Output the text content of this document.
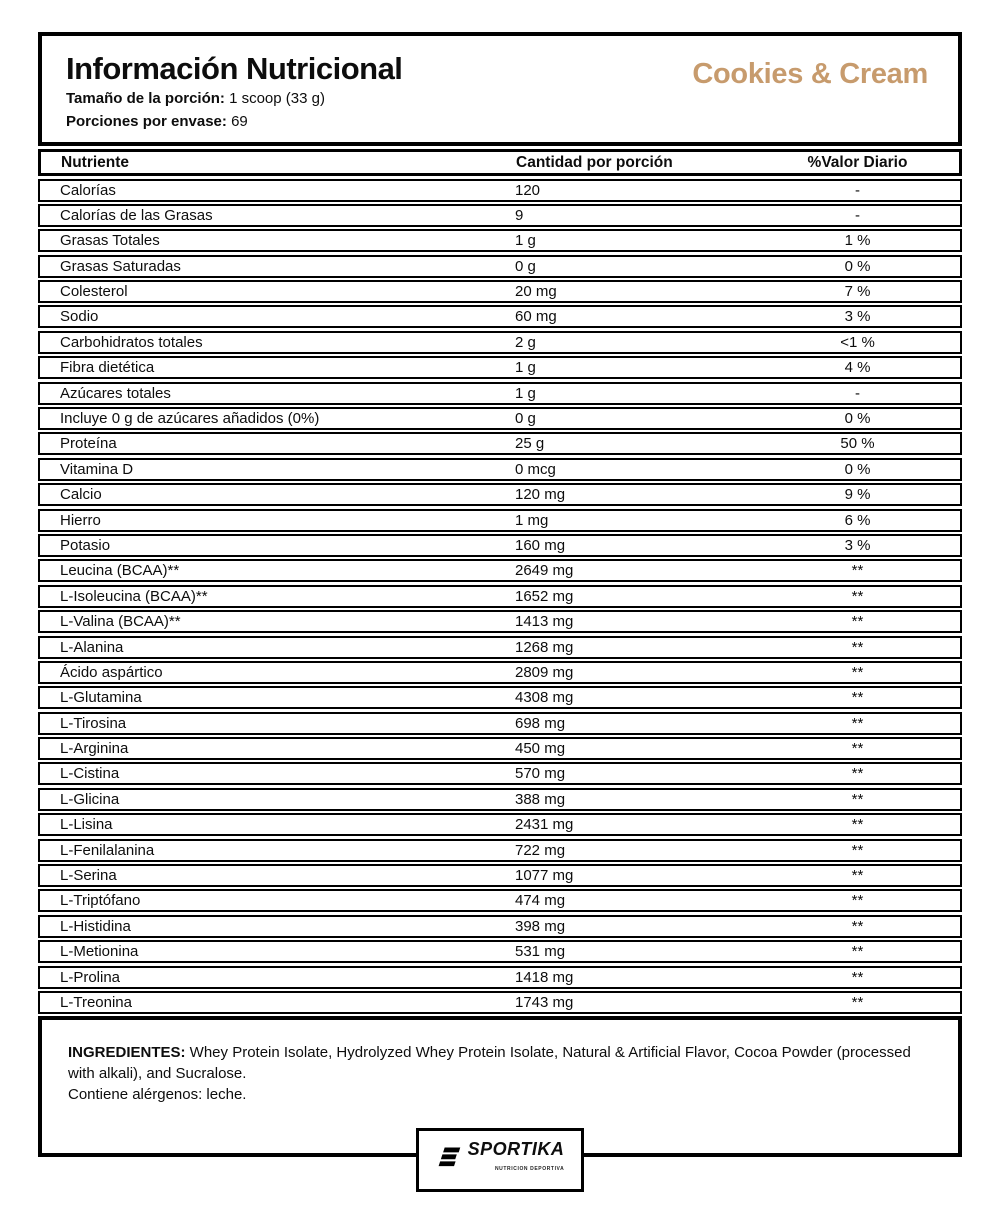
Información Nutricional	Cookies & Cream
Tamaño de la porción: 1 scoop (33 g)
Porciones por envase: 69
Nutriente	Cantidad por porción	%Valor Diario
Calorías	120	-
Calorías de las Grasas	9	-
Grasas Totales	1 g	1 %
Grasas Saturadas	0 g	0 %
Colesterol	20 mg	7 %
Sodio	60 mg	3 %
Carbohidratos totales	2 g	<1 %
Fibra dietética	1 g	4 %
Azúcares totales	1 g	-
Incluye 0 g de azúcares añadidos (0%)	0 g	0 %
Proteína	25 g	50 %
Vitamina D	0 mcg	0 %
Calcio	120 mg	9 %
Hierro	1 mg	6 %
Potasio	160 mg	3 %
Leucina (BCAA)**	2649 mg	**
L-Isoleucina (BCAA)**	1652 mg	**
L-Valina (BCAA)**	1413 mg	**
L-Alanina	1268 mg	**
Ácido aspártico	2809 mg	**
L-Glutamina	4308 mg	**
L-Tirosina	698 mg	**
L-Arginina	450 mg	**
L-Cistina	570 mg	**
L-Glicina	388 mg	**
L-Lisina	2431 mg	**
L-Fenilalanina	722 mg	**
L-Serina	1077 mg	**
L-Triptófano	474 mg	**
L-Histidina	398 mg	**
L-Metionina	531 mg	**
L-Prolina	1418 mg	**
L-Treonina	1743 mg	**
INGREDIENTES: Whey Protein Isolate, Hydrolyzed Whey Protein Isolate, Natural & Artificial Flavor, Cocoa Powder (processed with alkali), and Sucralose.
Contiene alérgenos: leche.
SPORTIKA
NUTRICION DEPORTIVA
